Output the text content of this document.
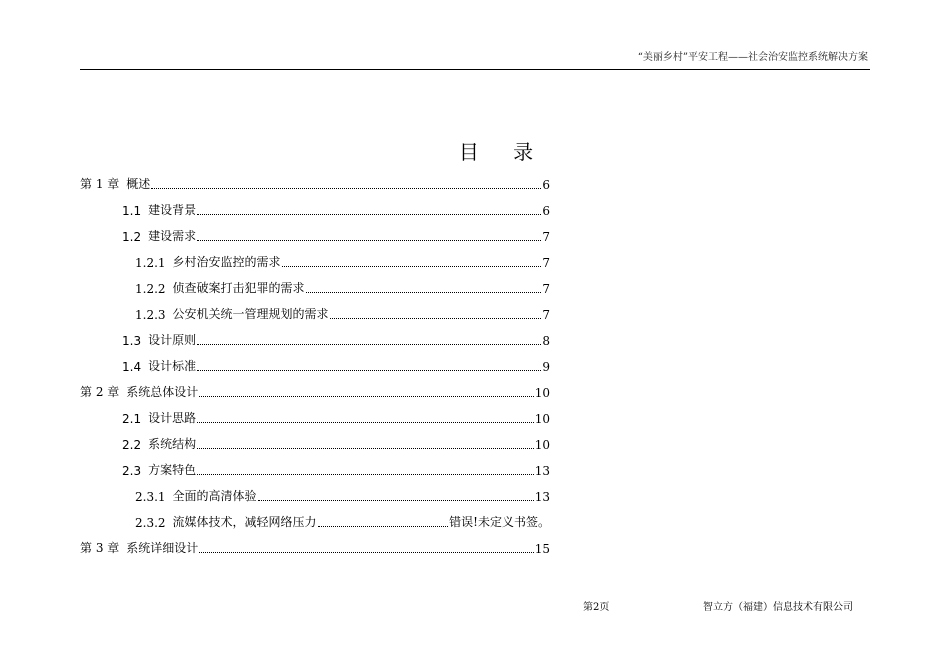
“美丽乡村”平安工程——社会治安监控系统解决方案
目 录
第 1 章 概述	6
1.1 建设背景	6
1.2 建设需求	7
1.2.1 乡村治安监控的需求	7
1.2.2 侦查破案打击犯罪的需求	7
1.2.3 公安机关统一管理规划的需求	7
1.3 设计原则	8
1.4 设计标准	9
第 2 章 系统总体设计	10
2.1 设计思路	10
2.2 系统结构	10
2.3 方案特色	13
2.3.1 全面的高清体验	13
2.3.2 流媒体技术，减轻网络压力	错误!未定义书签。
第 3 章 系统详细设计	15
第2页	智立方（福建）信息技术有限公司
